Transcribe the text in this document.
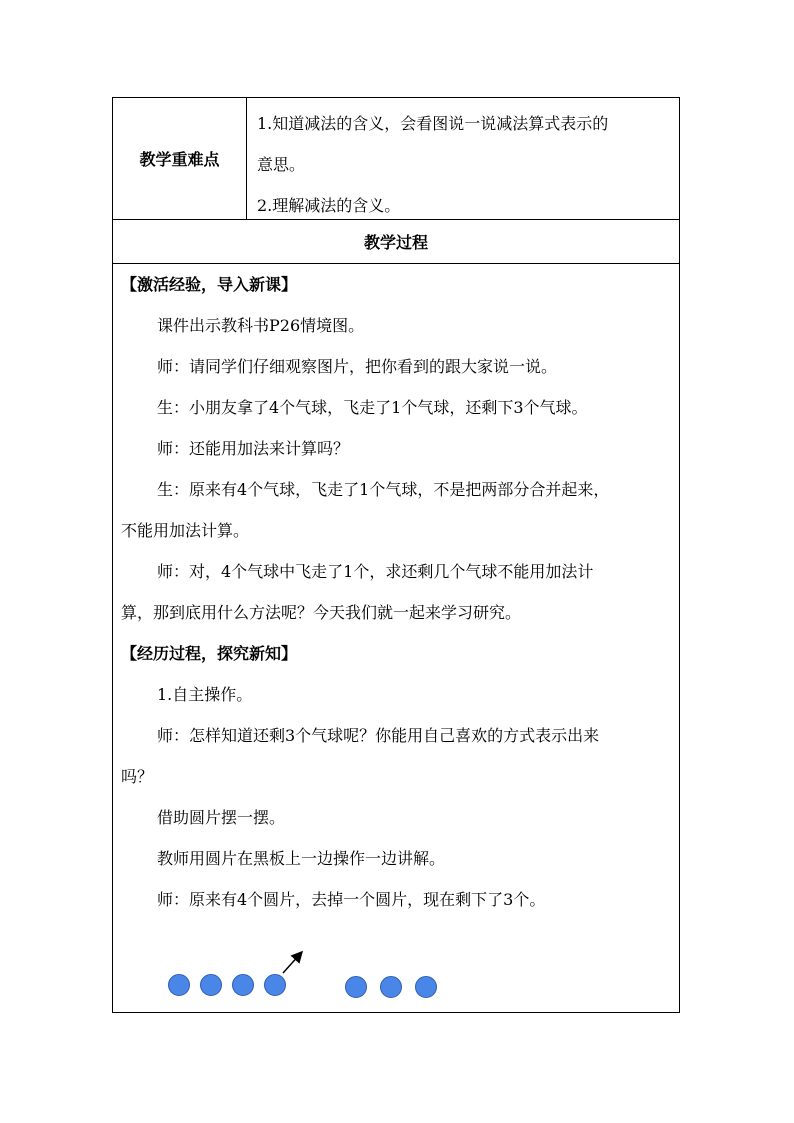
教学重难点

1.知道减法的含义，会看图说一说减法算式表示的

意思。

2.理解减法的含义。

教学过程

【激活经验，导入新课】

课件出示教科书P26情境图。

师：请同学们仔细观察图片，把你看到的跟大家说一说。

生：小朋友拿了4个气球，飞走了1个气球，还剩下3个气球。

师：还能用加法来计算吗？

生：原来有4个气球，飞走了1个气球，不是把两部分合并起来，

不能用加法计算。

师：对，4个气球中飞走了1个，求还剩几个气球不能用加法计

算，那到底用什么方法呢？今天我们就一起来学习研究。

【经历过程，探究新知】

1.自主操作。

师：怎样知道还剩3个气球呢？你能用自己喜欢的方式表示出来

吗？

借助圆片摆一摆。

教师用圆片在黑板上一边操作一边讲解。

师：原来有4个圆片，去掉一个圆片，现在剩下了3个。
